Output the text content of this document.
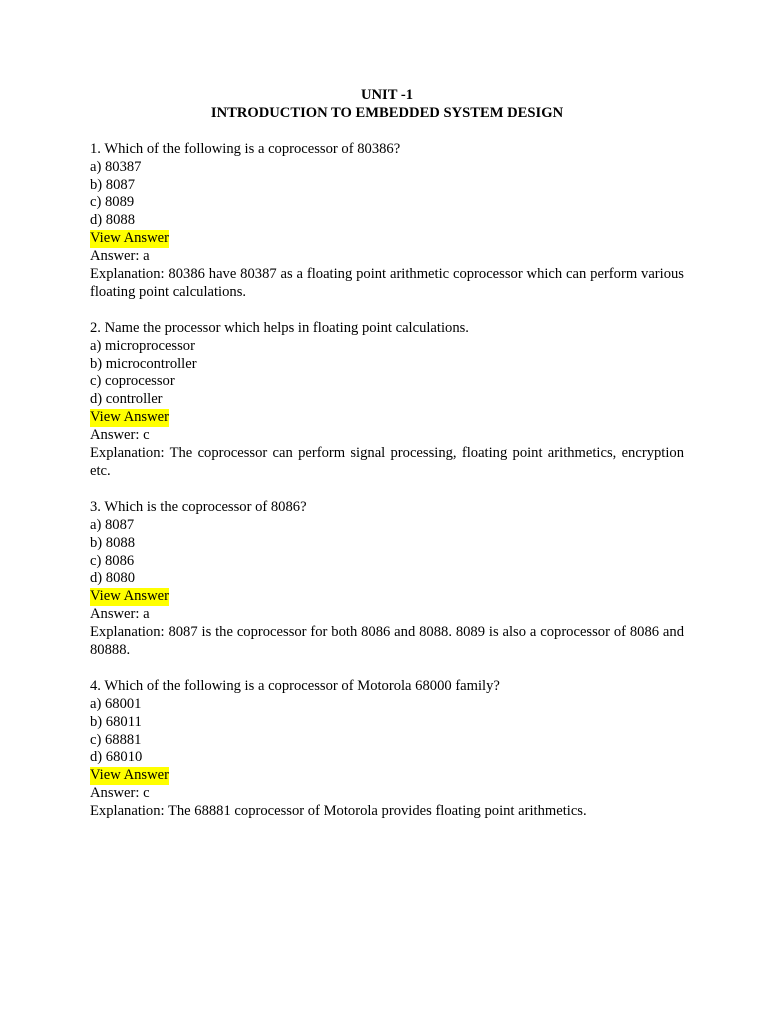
UNIT -1

INTRODUCTION TO EMBEDDED SYSTEM DESIGN

1. Which of the following is a coprocessor of 80386?
a) 80387
b) 8087
c) 8089
d) 8088
View Answer
Answer: a

Explanation: 80386 have 80387 as a floating point arithmetic coprocessor which can perform various floating point calculations.

2. Name the processor which helps in floating point calculations.
a) microprocessor
b) microcontroller
c) coprocessor
d) controller
View Answer
Answer: c

Explanation: The coprocessor can perform signal processing, floating point arithmetics, encryption etc.

3. Which is the coprocessor of 8086?
a) 8087
b) 8088
c) 8086
d) 8080
View Answer
Answer: a

Explanation: 8087 is the coprocessor for both 8086 and 8088. 8089 is also a coprocessor of 8086 and 80888.

4. Which of the following is a coprocessor of Motorola 68000 family?
a) 68001
b) 68011
c) 68881
d) 68010
View Answer
Answer: c

Explanation: The 68881 coprocessor of Motorola provides floating point arithmetics.
